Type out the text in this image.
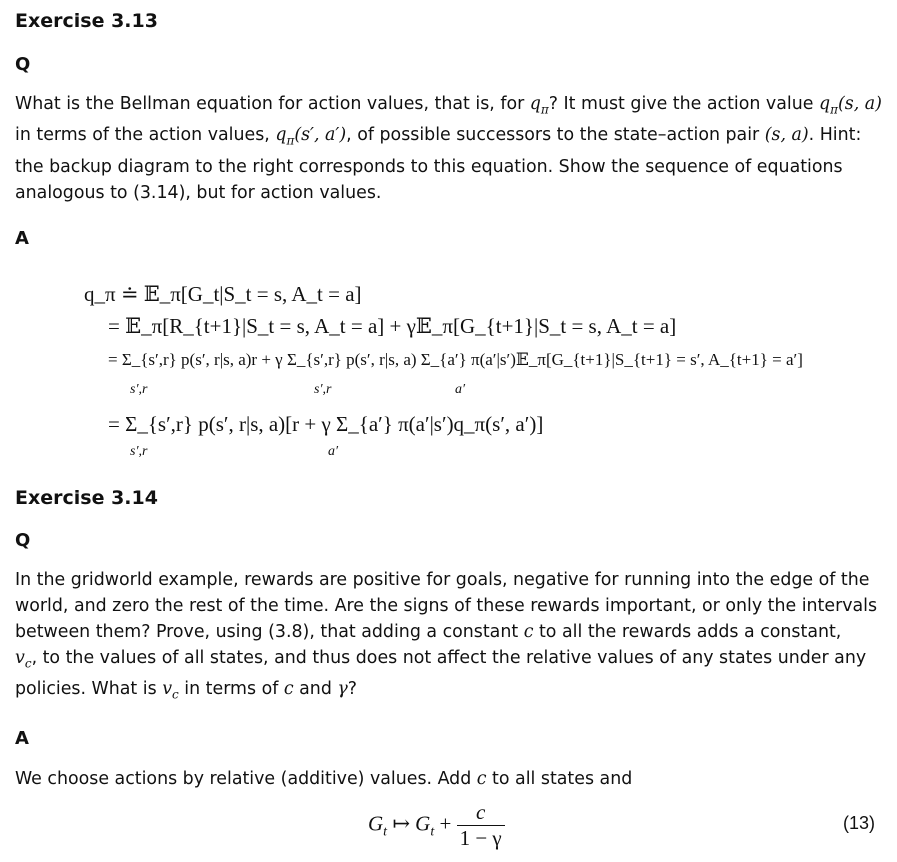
Exercise 3.13
Q
What is the Bellman equation for action values, that is, for $q_\pi$? It must give the action value $q_\pi(s$, a)
in terms of the action values, $q_\pi(s'$, a′), of possible successors to the state–action pair (s, a). Hint:
the backup diagram to the right corresponds to this equation. Show the sequence of equations
analogous to (3.14), but for action values.
A
q_π ≐ 𝔼_π[G_t|S_t = s, A_t = a]
= 𝔼_π[R_{t+1}|S_t = s, A_t = a] + γ𝔼_π[G_{t+1}|S_t = s, A_t = a]
= Σ_{s′,r} p(s′, r|s, a)r + γ Σ_{s′,r} p(s′, r|s, a) Σ_{a′} π(a′|s′)𝔼_π[G_{t+1}|S_{t+1} = s′, A_{t+1} = a′]
s′,r	s′,r	a′
= Σ_{s′,r} p(s′, r|s, a)[r + γ Σ_{a′} π(a′|s′)q_π(s′, a′)]
s′,r	a′
Exercise 3.14
Q
In the gridworld example, rewards are positive for goals, negative for running into the edge of the
world, and zero the rest of the time. Are the signs of these rewards important, or only the intervals
between them? Prove, using (3.8), that adding a constant c to all the rewards adds a constant,
$v_c$, to the values of all states, and thus does not affect the relative values of any states under any
policies. What is $v_c$ in terms of c and γ?
A
We choose actions by relative (additive) values. Add c to all states and
$G_t$ ↦ $G_t + \frac{c}{1 - \gamma}$	(13)
